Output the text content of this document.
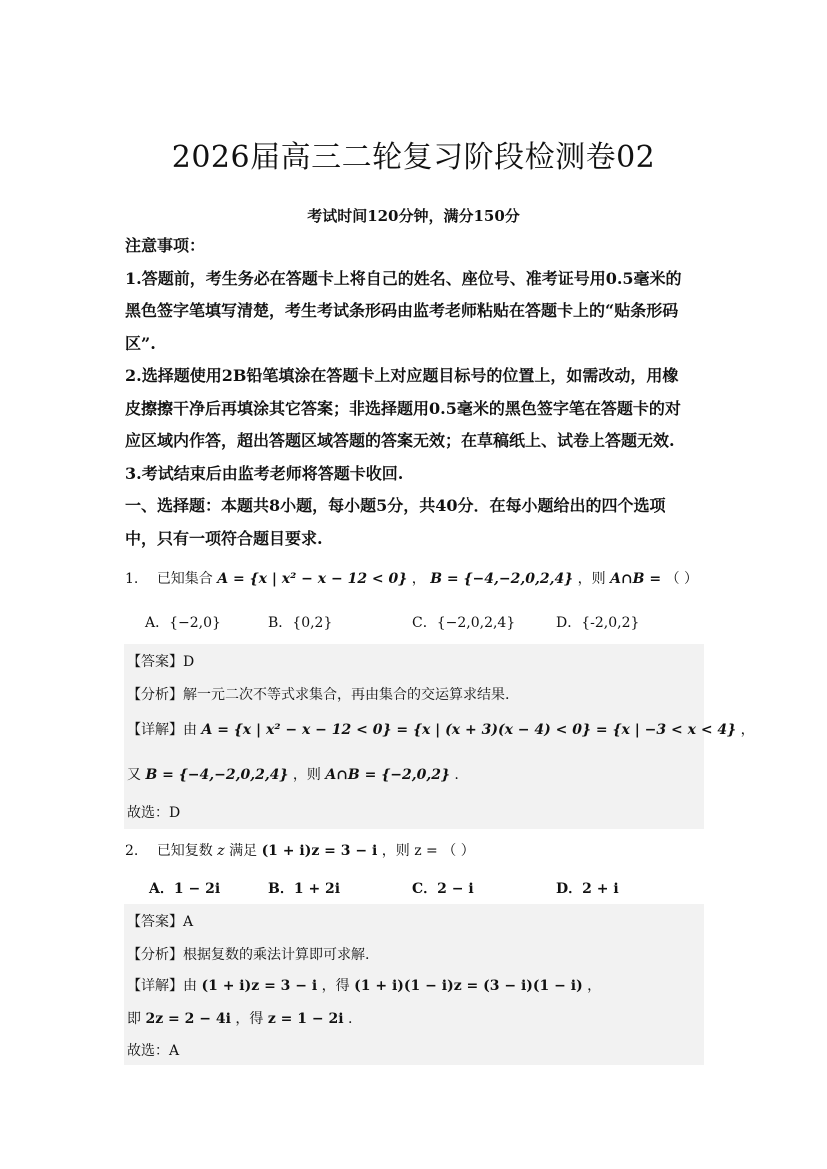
2026届高三二轮复习阶段检测卷02
考试时间120分钟，满分150分

注意事项：

1.答题前，考生务必在答题卡上将自己的姓名、座位号、准考证号用0.5毫米的

黑色签字笔填写清楚，考生考试条形码由监考老师粘贴在答题卡上的“贴条形码

区”.

2.选择题使用2B铅笔填涂在答题卡上对应题目标号的位置上，如需改动，用橡

皮擦擦干净后再填涂其它答案；非选择题用0.5毫米的黑色签字笔在答题卡的对

应区域内作答，超出答题区域答题的答案无效；在草稿纸上、试卷上答题无效.

3.考试结束后由监考老师将答题卡收回.

一、选择题：本题共8小题，每小题5分，共40分．在每小题给出的四个选项

中，只有一项符合题目要求.

1. 已知集合 A = {x | x² − x − 12 < 0} ， B = {−4,−2,0,2,4} ，则 A∩B = （ ）
A．{−2,0}	B．{0,2}	C．{−2,0,2,4}	D．{-2,0,2}
【答案】D
【分析】解一元二次不等式求集合，再由集合的交运算求结果.
【详解】由 A = {x | x² − x − 12 < 0} = {x | (x + 3)(x − 4) < 0} = {x | −3 < x < 4} ，
又 B = {−4,−2,0,2,4} ，则 A∩B = {−2,0,2} .
故选：D
2. 已知复数 z 满足 (1 + i)z = 3 − i ，则 z = （ ）
A．1 − 2i	B．1 + 2i	C．2 − i	D．2 + i
【答案】A
【分析】根据复数的乘法计算即可求解.
【详解】由 (1 + i)z = 3 − i ，得 (1 + i)(1 − i)z = (3 − i)(1 − i) ，
即 2z = 2 − 4i ，得 z = 1 − 2i .
故选：A
